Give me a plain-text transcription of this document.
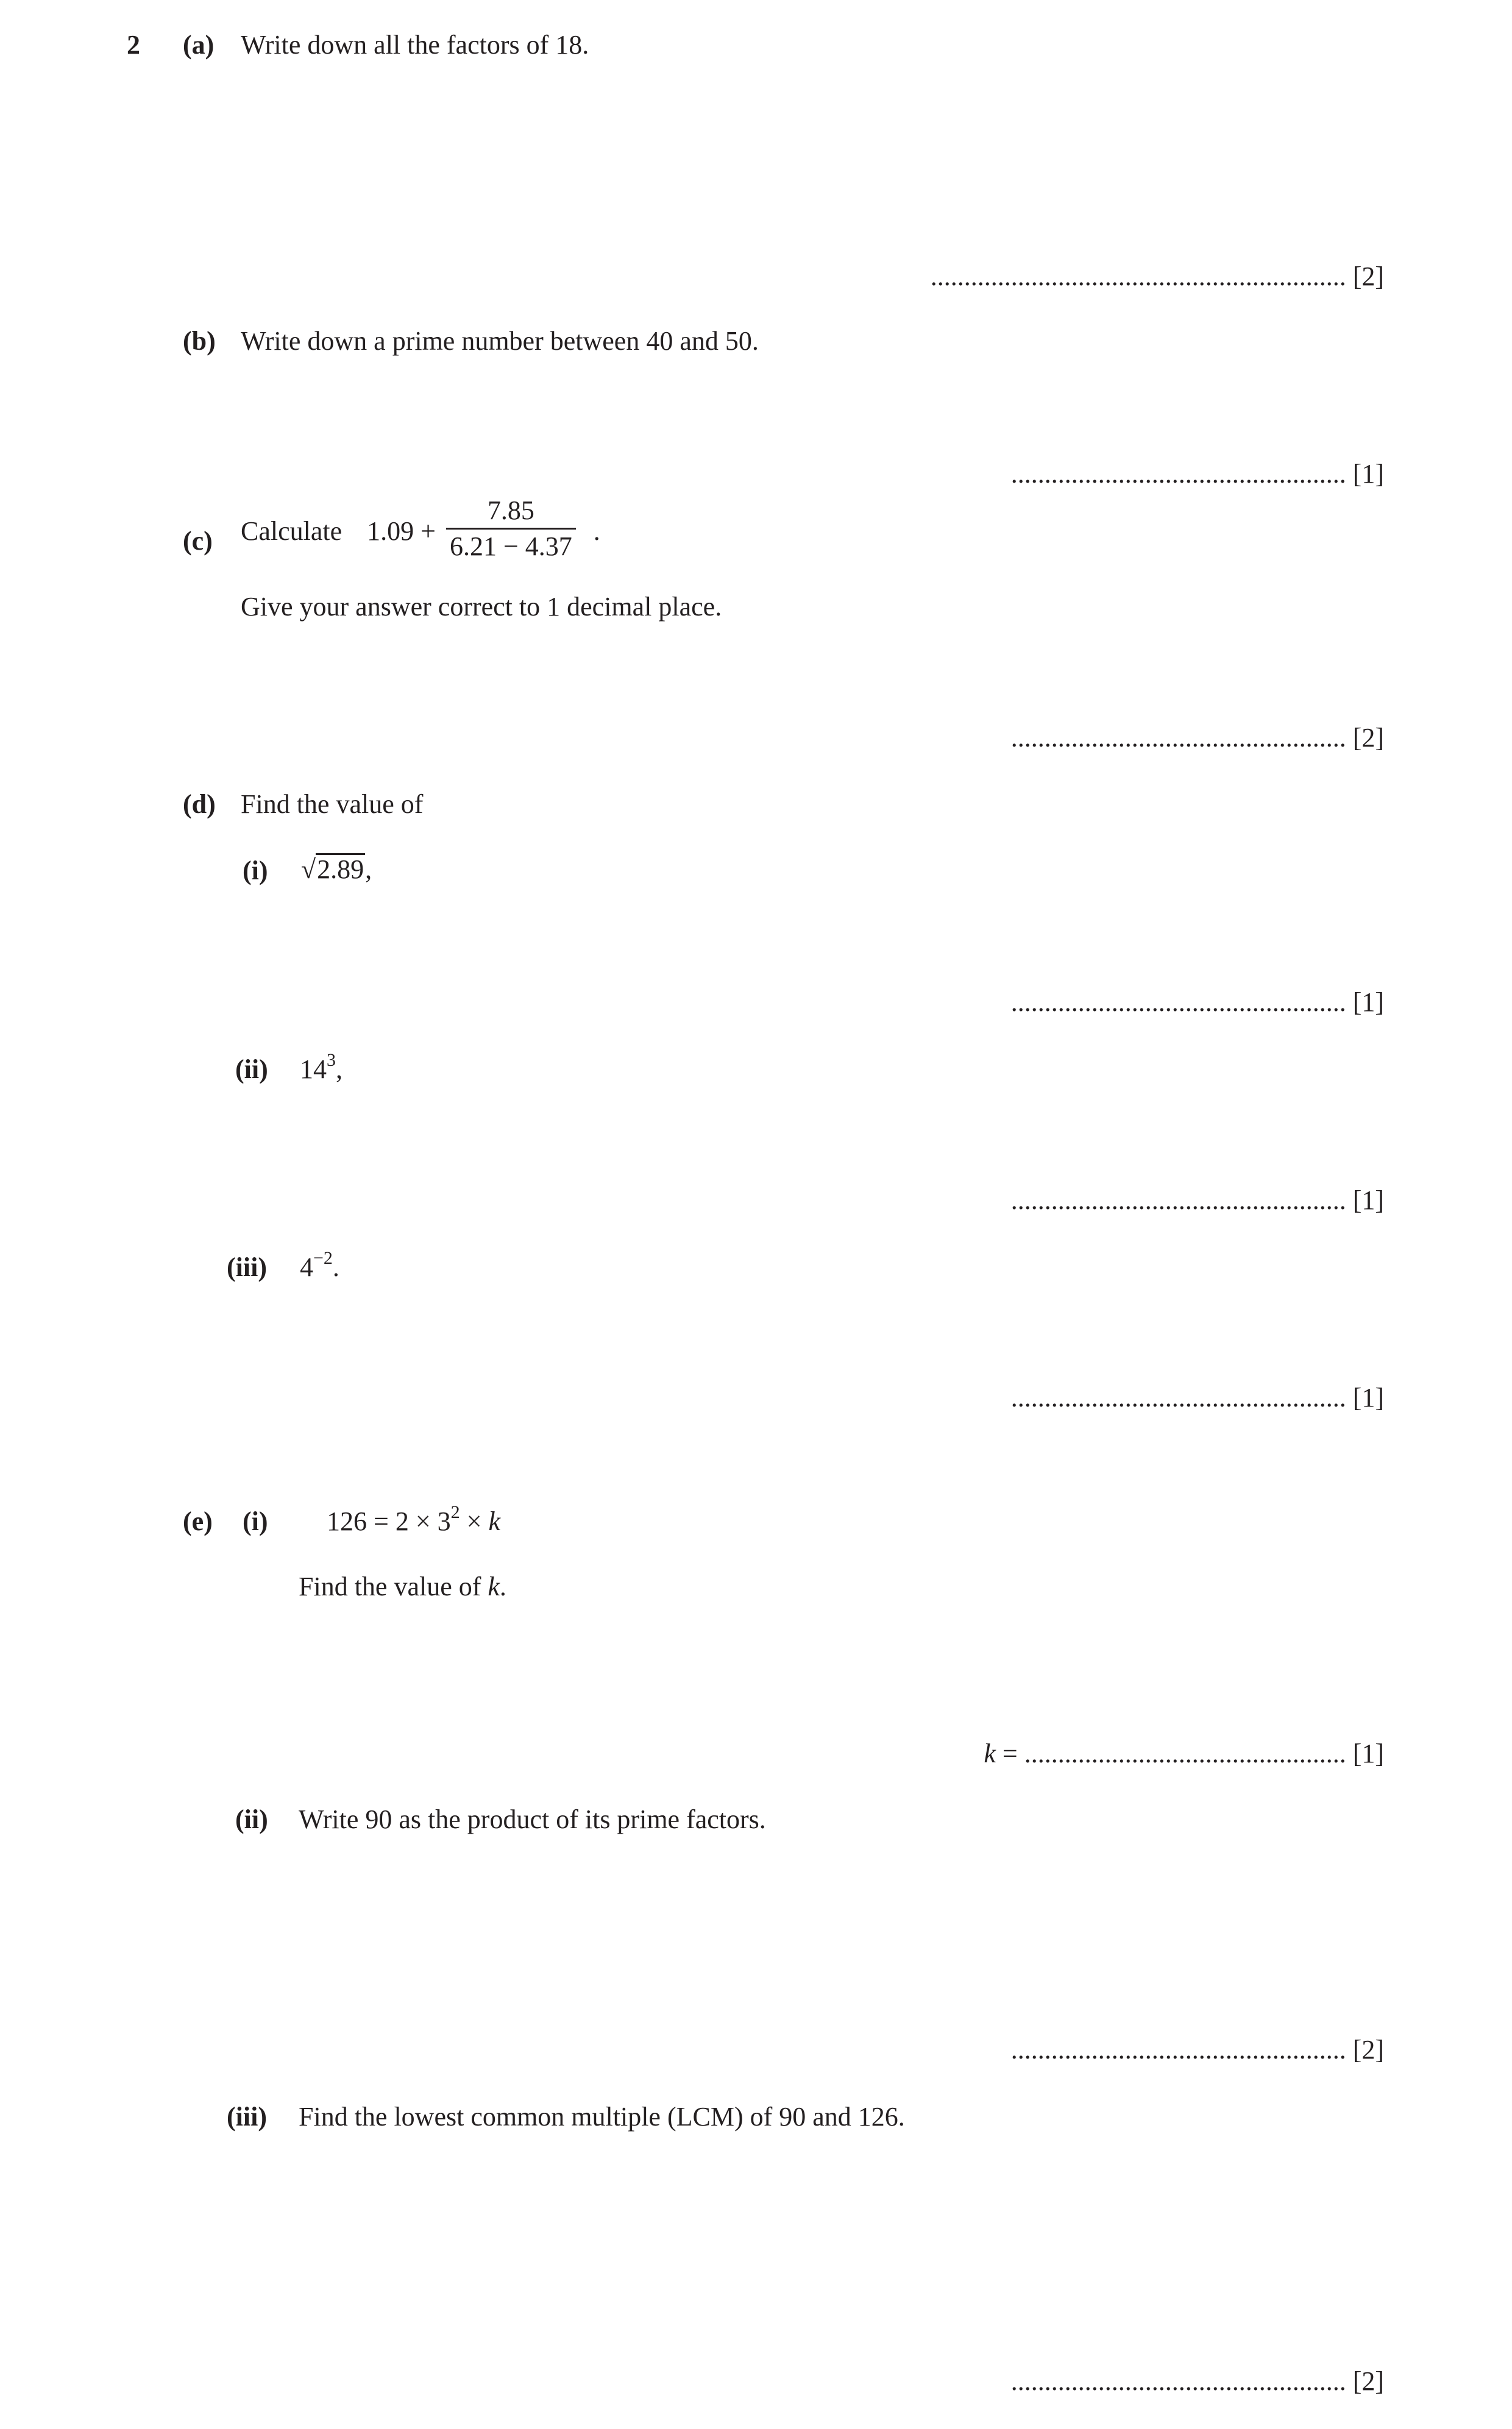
2 (a) Write down all the factors of 18.
.............................................................. [2]
(b) Write down a prime number between 40 and 50.
.................................................. [1]
(c) Calculate $1.09 + \frac{7.85}{6.21 - 4.37}$ .
Give your answer correct to 1 decimal place.
.................................................. [2]
(d) Find the value of
(i) √ 2.89 ,
.................................................. [1]
(ii) $14^3$,
.................................................. [1]
(iii) $4^{-2}$.
.................................................. [1]
(e) (i) $126 = 2 \times 3^2 \times k$
Find the value of k.
k = ................................................ [1]
(ii) Write 90 as the product of its prime factors.
.................................................. [2]
(iii) Find the lowest common multiple (LCM) of 90 and 126.
.................................................. [2]
